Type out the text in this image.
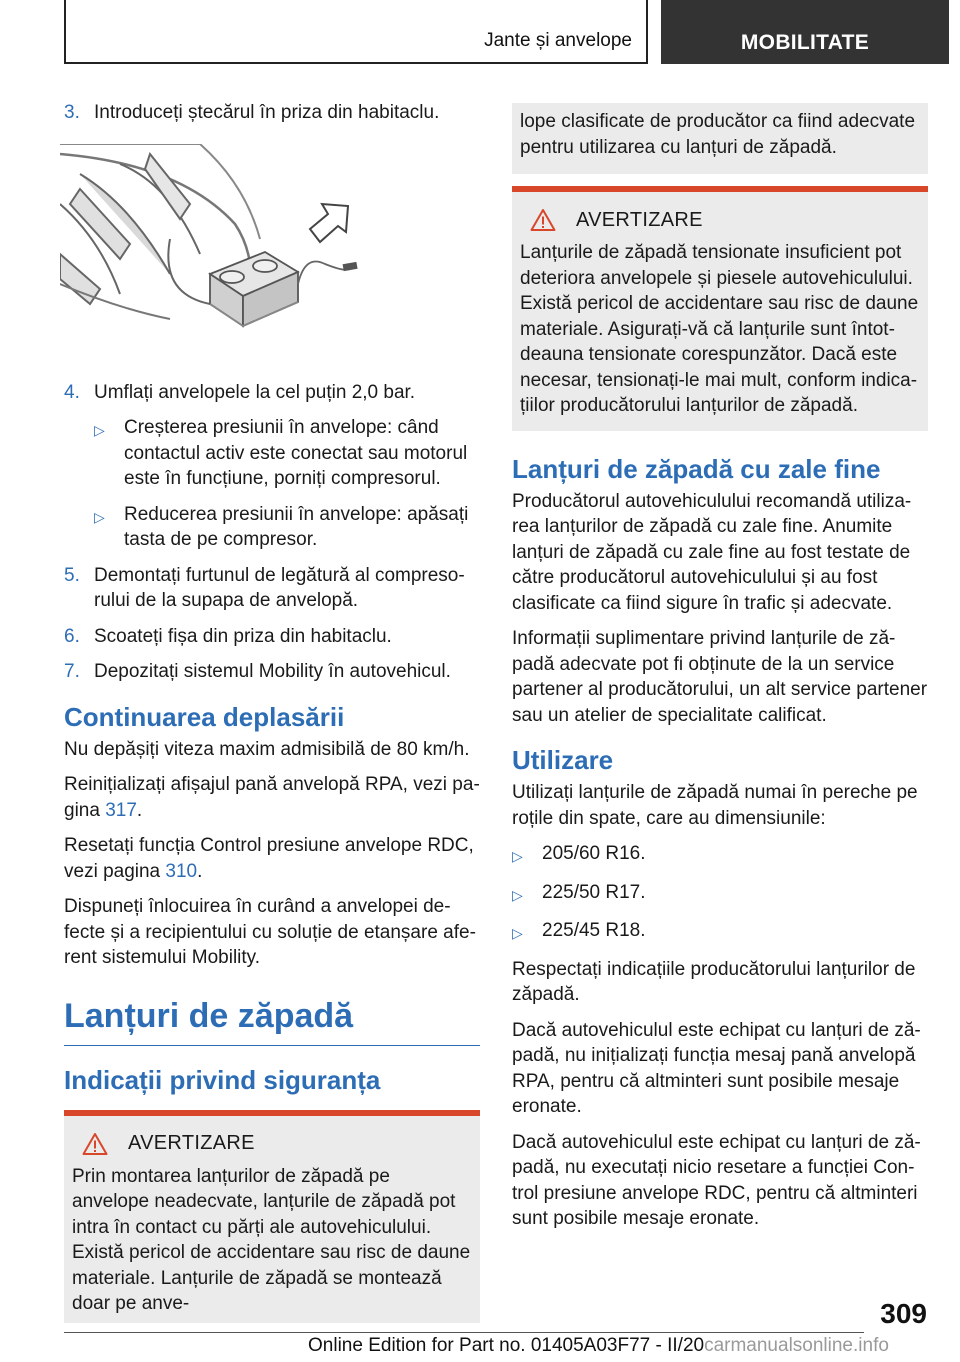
Jante și anvelope	MOBILITATE
3. Introduceți ștecărul în priza din habitaclu.
4. Umflați anvelopele la cel puțin 2,0 bar.
▷	Creșterea presiunii în anvelope: când contactul activ este conectat sau motorul este în funcțiune, porniți compresorul.
▷	Reducerea presiunii în anvelope: apăsați tasta de pe compresor.
5. Demontați furtunul de legătură al compresorului de la supapa de anvelopă.
6. Scoateți fișa din priza din habitaclu.
7. Depozitați sistemul Mobility în autovehicul.
Continuarea deplasării

Nu depășiți viteza maxim admisibilă de 80 km/h.

Reinițializați afișajul pană anvelopă RPA, vezi pagina 317.

Resetați funcția Control presiune anvelope RDC, vezi pagina 310.

Dispuneți înlocuirea în curând a anvelopei defecte și a recipientului cu soluție de etanșare aferent sistemului Mobility.

Lanțuri de zăpadă
Indicații privind siguranța
AVERTIZARE

Prin montarea lanțurilor de zăpadă pe anvelope neadecvate, lanțurile de zăpadă pot intra în contact cu părți ale autovehiculului. Există pericol de accidentare sau risc de daune materiale. Lanțurile de zăpadă se montează doar pe anve-

lope clasificate de producător ca fiind adecvate pentru utilizarea cu lanțuri de zăpadă.

AVERTIZARE

Lanțurile de zăpadă tensionate insuficient pot deteriora anvelopele și piesele autovehiculului. Există pericol de accidentare sau risc de daune materiale. Asigurați-vă că lanțurile sunt întotdeauna tensionate corespunzător. Dacă este necesar, tensionați-le mai mult, conform indicațiilor producătorului lanțurilor de zăpadă.

Lanțuri de zăpadă cu zale fine

Producătorul autovehiculului recomandă utilizarea lanțurilor de zăpadă cu zale fine. Anumite lanțuri de zăpadă cu zale fine au fost testate de către producătorul autovehiculului și au fost clasificate ca fiind sigure în trafic și adecvate.

Informații suplimentare privind lanțurile de zăpadă adecvate pot fi obținute de la un service partener al producătorului, un alt service partener sau un atelier de specialitate calificat.

Utilizare

Utilizați lanțurile de zăpadă numai în pereche pe roțile din spate, care au dimensiunile:

▷	205/60 R16.
▷	225/50 R17.
▷	225/45 R18.

Respectați indicațiile producătorului lanțurilor de zăpadă.

Dacă autovehiculul este echipat cu lanțuri de zăpadă, nu inițializați funcția mesaj pană anvelopă RPA, pentru că altminteri sunt posibile mesaje eronate.

Dacă autovehiculul este echipat cu lanțuri de zăpadă, nu executați nicio resetare a funcției Control presiune anvelope RDC, pentru că altminteri sunt posibile mesaje eronate.

309
Online Edition for Part no. 01405A03F77 - II/20carmanualsonline.info
